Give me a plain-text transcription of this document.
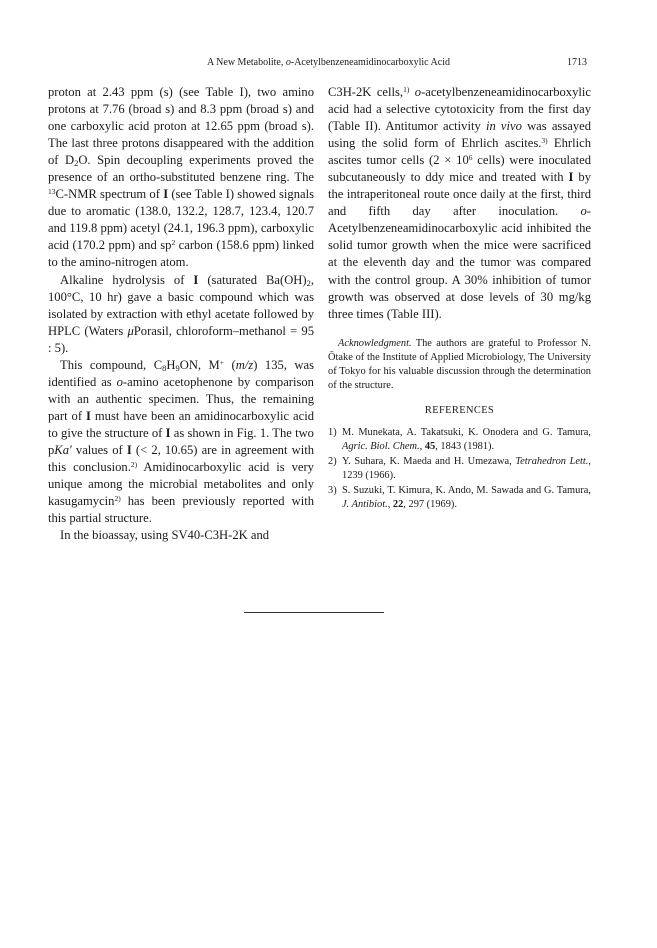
A New Metabolite, o-Acetylbenzeneamidinocarboxylic Acid	1713

proton at 2.43 ppm (s) (see Table I), two amino protons at 7.76 (broad s) and 8.3 ppm (broad s) and one carboxylic acid proton at 12.65 ppm (broad s). The last three protons disappeared with the addition of $D_2O$. Spin decoupling experiments proved the presence of an ortho-substituted benzene ring. The $^{13}$C-NMR spectrum of I (see Table I) showed signals due to aromatic (138.0, 132.2, 128.7, 123.4, 120.7 and 119.8 ppm) acetyl (24.1, 196.3 ppm), carboxylic acid (170.2 ppm) and $sp^2$ carbon (158.6 ppm) linked to the amino-nitrogen atom.

Alkaline hydrolysis of I (saturated $Ba(OH)_2$, 100°C, 10 hr) gave a basic compound which was isolated by extraction with ethyl acetate followed by HPLC (Waters μPorasil, chloroform–methanol = 95 : 5).

This compound, $C_8H_9ON$, M+ (m/z) 135, was identified as o-amino acetophenone by comparison with an authentic specimen. Thus, the remaining part of I must have been an amidinocarboxylic acid to give the structure of I as shown in Fig. 1. The two pKa′ values of I (< 2, 10.65) are in agreement with this conclusion.$^{2)}$ Amidinocarboxylic acid is very unique among the microbial metabolites and only kasugamycin$^{2)}$ has been previously reported with this partial structure.

In the bioassay, using SV40-C3H-2K and

C3H-2K cells,$^{1)}$ o-acetylbenzeneamidinocarboxylic acid had a selective cytotoxicity from the first day (Table II). Antitumor activity in vivo was assayed using the solid form of Ehrlich ascites.$^{3)}$ Ehrlich ascites tumor cells ($2 \times 10^6$ cells) were inoculated subcutaneously to ddy mice and treated with I by the intraperitoneal route once daily at the first, third and fifth day after inoculation. o-Acetylbenzeneamidinocarboxylic acid inhibited the solid tumor growth when the mice were sacrificed at the eleventh day and the tumor was compared with the control group. A 30% inhibition of tumor growth was observed at dose levels of 30 mg/kg three times (Table III).

Acknowledgment. The authors are grateful to Professor N. Ōtake of the Institute of Applied Microbiology, The University of Tokyo for his valuable discussion through the determination of the structure.
REFERENCES
1) M. Munekata, A. Takatsuki, K. Onodera and G. Tamura, Agric. Biol. Chem., 45, 1843 (1981).
2) Y. Suhara, K. Maeda and H. Umezawa, Tetrahedron Lett., 1239 (1966).
3) S. Suzuki, T. Kimura, K. Ando, M. Sawada and G. Tamura, J. Antibiot., 22, 297 (1969).
